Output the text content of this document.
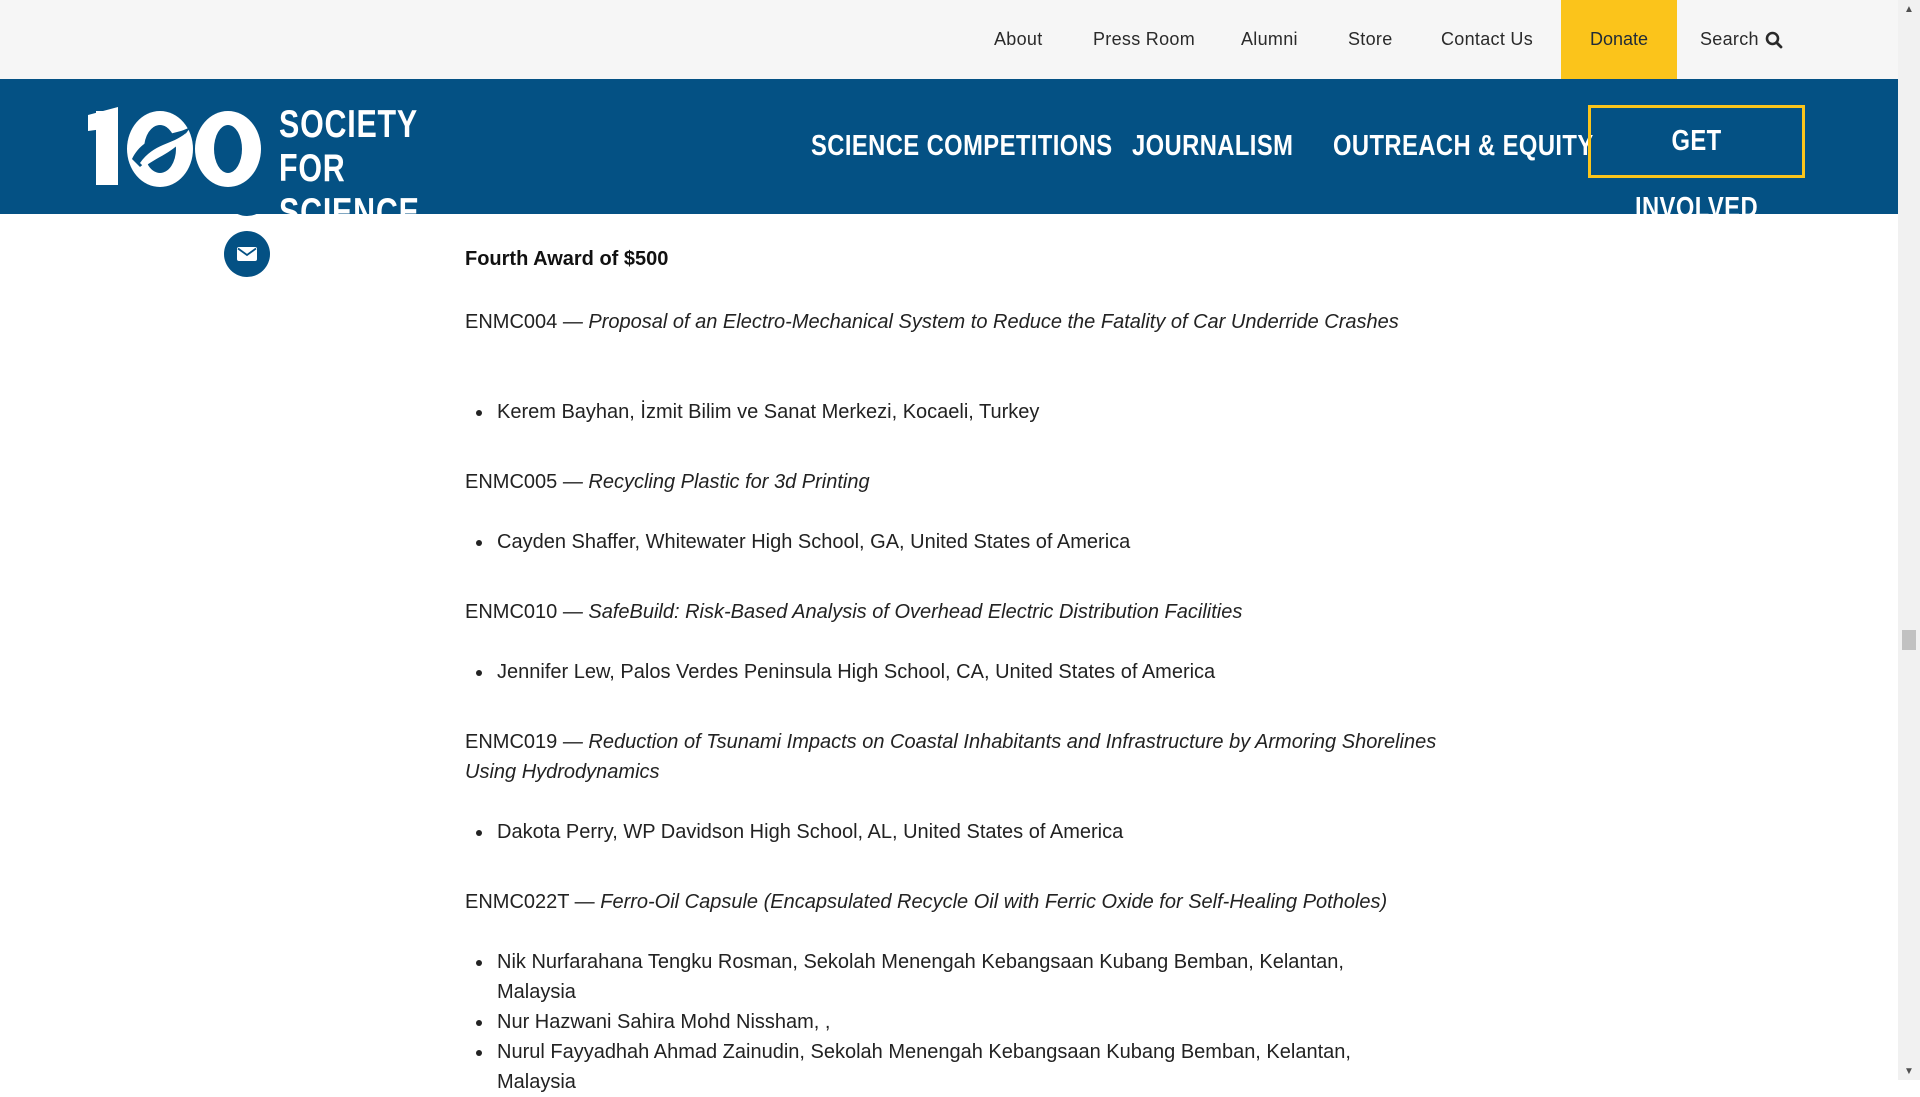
About	Press Room	Alumni	Store	Contact Us	Donate	Search
SOCIETY
FOR SCIENCE
SCIENCE COMPETITIONS JOURNALISM OUTREACH & EQUITY	GET INVOLVED
Fourth Award of $500
ENMC004 — Proposal of an Electro-Mechanical System to Reduce the Fatality of Car Underride Crashes
Kerem Bayhan, İzmit Bilim ve Sanat Merkezi, Kocaeli, Turkey
ENMC005 — Recycling Plastic for 3d Printing
Cayden Shaffer, Whitewater High School, GA, United States of America
ENMC010 — SafeBuild: Risk-Based Analysis of Overhead Electric Distribution Facilities
Jennifer Lew, Palos Verdes Peninsula High School, CA, United States of America
ENMC019 — Reduction of Tsunami Impacts on Coastal Inhabitants and Infrastructure by Armoring Shorelines Using Hydrodynamics
Dakota Perry, WP Davidson High School, AL, United States of America
ENMC022T — Ferro-Oil Capsule (Encapsulated Recycle Oil with Ferric Oxide for Self-Healing Potholes)
Nik Nurfarahana Tengku Rosman, Sekolah Menengah Kebangsaan Kubang Bemban, Kelantan, Malaysia
Nur Hazwani Sahira Mohd Nissham, ,
Nurul Fayyadhah Ahmad Zainudin, Sekolah Menengah Kebangsaan Kubang Bemban, Kelantan, Malaysia
▲
▼
